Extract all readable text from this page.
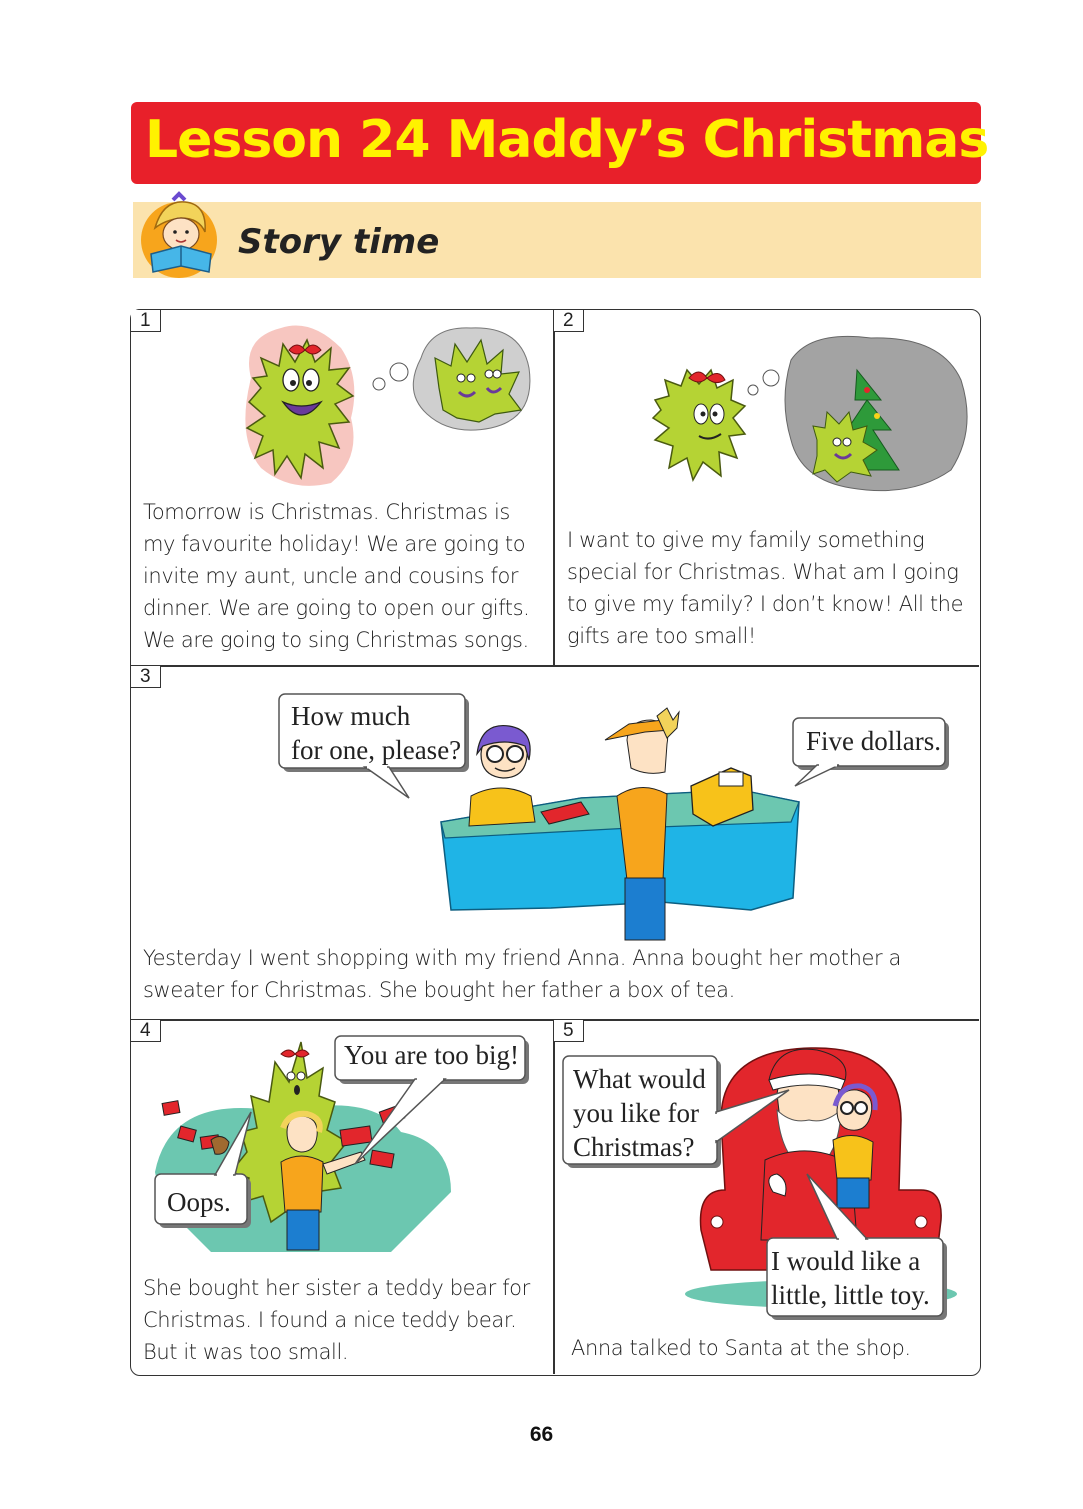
Lesson 24 Maddy’s Christmas
Story time
1	2
3
4	5
Tomorrow is Christmas. Christmas is
my favourite holiday! We are going to
invite my aunt, uncle and cousins for
dinner. We are going to open our gifts.
We are going to sing Christmas songs.
I want to give my family something
special for Christmas. What am I going
to give my family? I don’t know! All the
gifts are too small!
How much
for one, please?	Five dollars.
Yesterday I went shopping with my friend Anna. Anna bought her mother a
sweater for Christmas. She bought her father a box of tea.
You are too big!
Oops.
She bought her sister a teddy bear for
Christmas. I found a nice teddy bear.
But it was too small.
What would
you like for
Christmas?
I would like a
little, little toy.
Anna talked to Santa at the shop.
66
